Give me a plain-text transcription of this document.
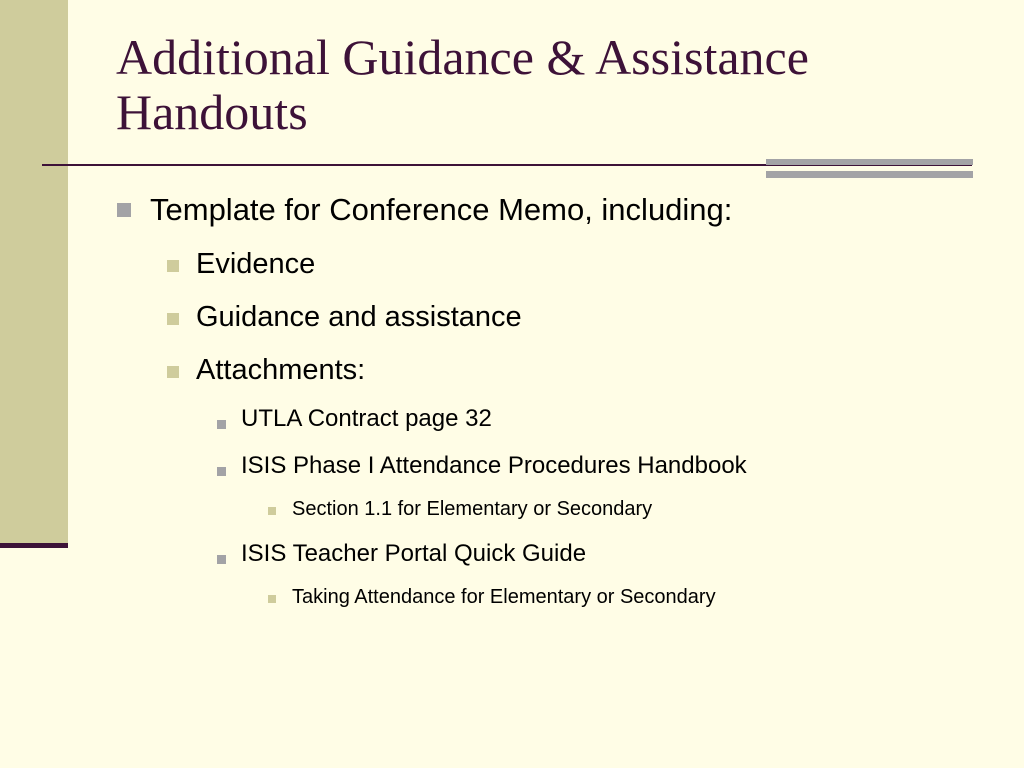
Additional Guidance & Assistance
Handouts
Template for Conference Memo, including:
Evidence
Guidance and assistance
Attachments:
UTLA Contract page 32
ISIS Phase I Attendance Procedures Handbook
Section 1.1 for Elementary or Secondary
ISIS Teacher Portal Quick Guide
Taking Attendance for Elementary or Secondary
